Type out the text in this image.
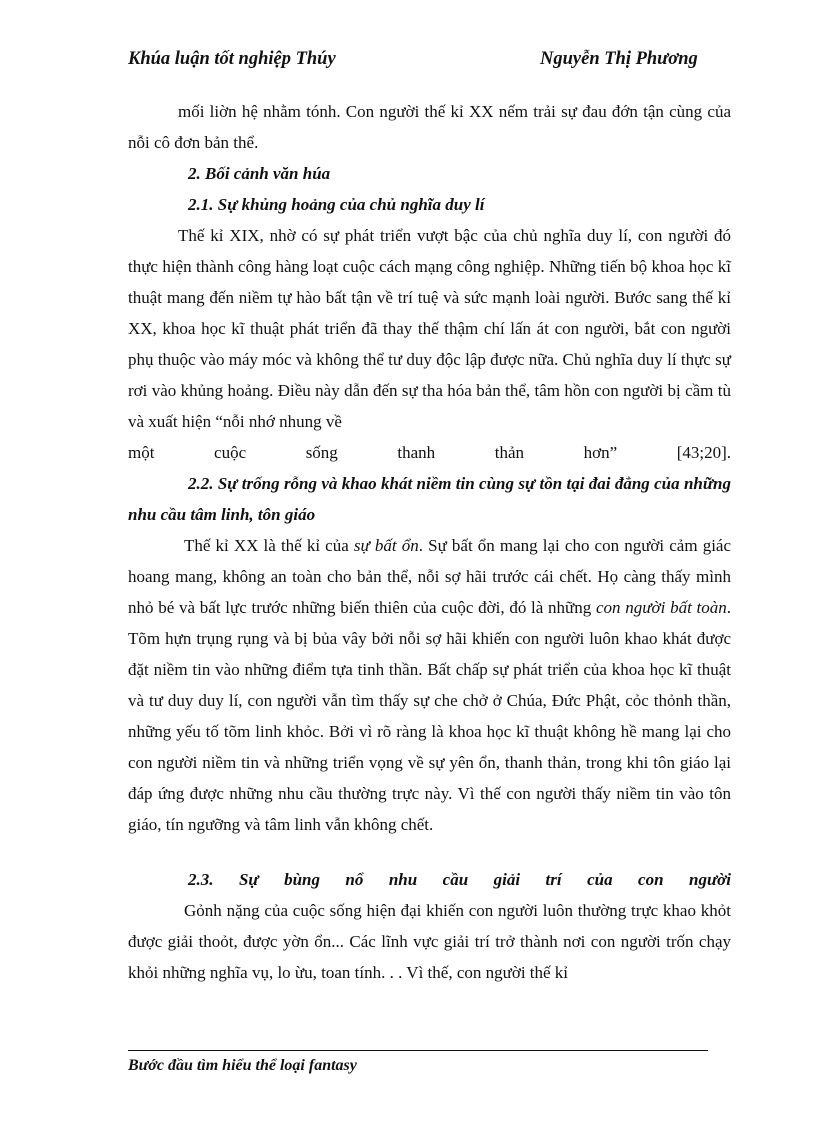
Khúa luận tốt nghiệp Thúy	Nguyễn Thị Phương

mối liờn hệ nhằm tónh. Con người thế kỉ XX nếm trải sự đau đớn tận cùng của nỗi cô đơn bản thể.

2. Bối cảnh văn húa

2.1. Sự khủng hoảng của chủ nghĩa duy lí

Thế kỉ XIX, nhờ có sự phát triển vượt bậc của chủ nghĩa duy lí, con người đó thực hiện thành công hàng loạt cuộc cách mạng công nghiệp. Những tiến bộ khoa học kĩ thuật mang đến niềm tự hào bất tận về trí tuệ và sức mạnh loài người. Bước sang thế kỉ XX, khoa học kĩ thuật phát triển đã thay thế thậm chí lấn át con người, bắt con người phụ thuộc vào máy móc và không thể tư duy độc lập được nữa. Chủ nghĩa duy lí thực sự rơi vào khủng hoảng. Điều này dẫn đến sự tha hóa bản thể, tâm hồn con người bị cầm tù và xuất hiện “nỗi nhớ nhung về

một cuộc sống thanh thản hơn” [43;20].

2.2. Sự trống rỗng và khao khát niềm tin cùng sự tồn tại đai đẳng của những nhu cầu tâm linh, tôn giáo

Thế kỉ XX là thế kỉ của sự bất ổn. Sự bất ổn mang lại cho con người cảm giác hoang mang, không an toàn cho bản thể, nỗi sợ hãi trước cái chết. Họ càng thấy mình nhỏ bé và bất lực trước những biến thiên của cuộc đời, đó là những con người bất toàn. Tõm hựn trụng rụng và bị bủa vây bởi nỗi sợ hãi khiến con người luôn khao khát được đặt niềm tin vào những điểm tựa tinh thần. Bất chấp sự phát triển của khoa học kĩ thuật và tư duy duy lí, con người vẫn tìm thấy sự che chở ở Chúa, Đức Phật, cỏc thỏnh thần, những yếu tố tõm linh khỏc. Bởi vì rõ ràng là khoa học kĩ thuật không hề mang lại cho con người niềm tin và những triển vọng về sự yên ổn, thanh thản, trong khi tôn giáo lại đáp ứng được những nhu cầu thường trực này. Vì thế con người thấy niềm tin vào tôn giáo, tín ngưỡng và tâm linh vẫn không chết.

2.3. Sự bùng nổ nhu cầu giải trí của con người

Gỏnh nặng của cuộc sống hiện đại khiến con người luôn thường trực khao khỏt được giải thoỏt, được yờn ổn... Các lĩnh vực giải trí trở thành nơi con người trốn chạy khỏi những nghĩa vụ, lo ừu, toan tính. . . Vì thế, con người thế kỉ

Bước đầu tìm hiểu thể loại fantasy
